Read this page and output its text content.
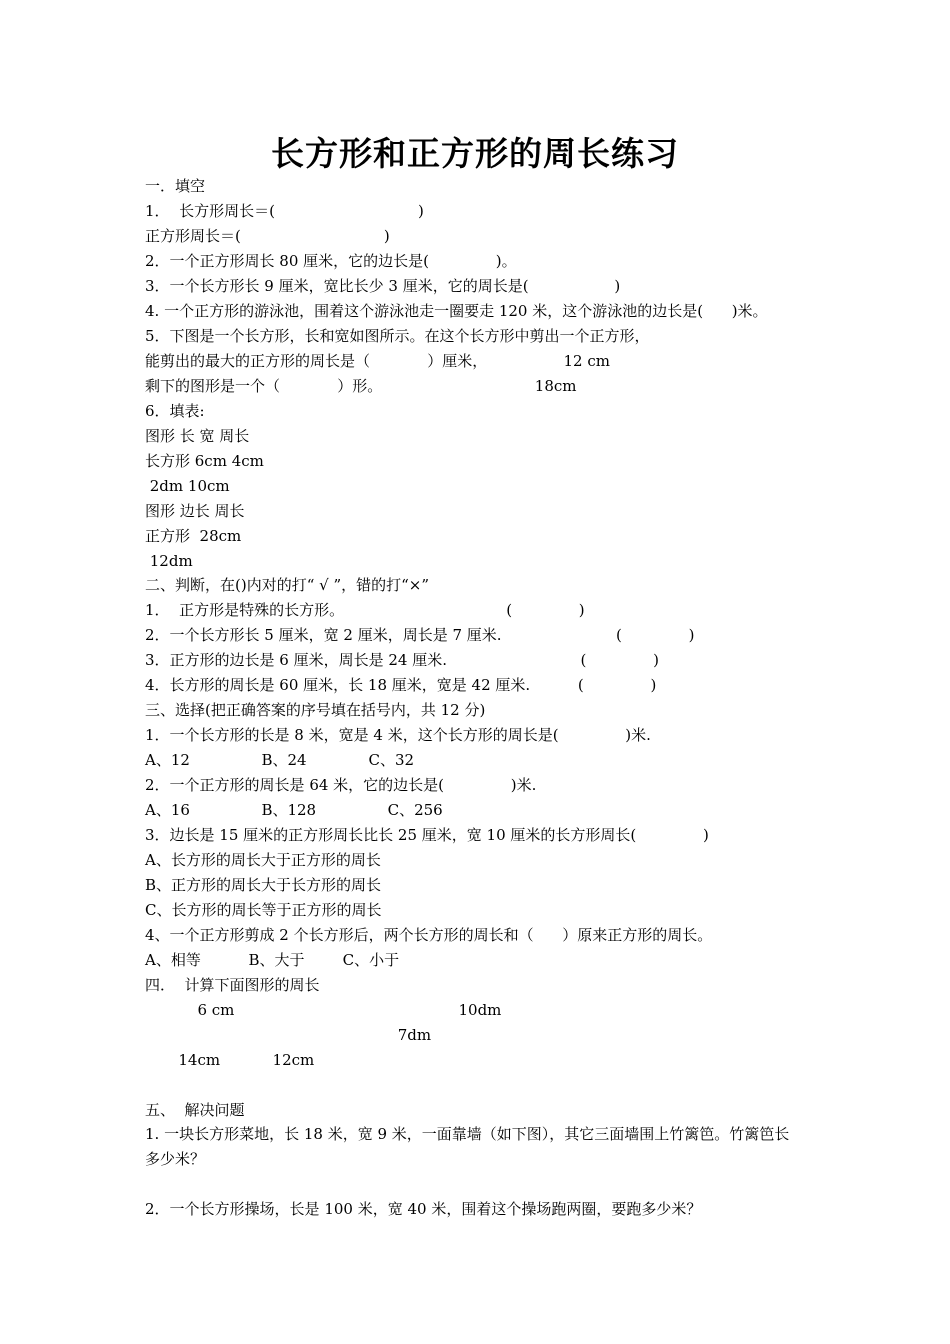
长方形和正方形的周长练习
一．填空
1．  长方形周长＝(                              )
正方形周长＝(                              )
2．一个正方形周长 80 厘米，它的边长是(              )。
3．一个长方形长 9 厘米，宽比长少 3 厘米，它的周长是(                  )
4. 一个正方形的游泳池，围着这个游泳池走一圈要走 120 米，这个游泳池的边长是(      )米。
5．下图是一个长方形，长和宽如图所示。在这个长方形中剪出一个正方形，
能剪出的最大的正方形的周长是（            ）厘米，                12 cm
剩下的图形是一个（            ）形。                                18cm
6．填表:
图形 长 宽 周长
长方形 6cm 4cm
2dm 10cm
图形 边长 周长
正方形  28cm
12dm
二、判断，在()内对的打“ √ ”，错的打“×”
1．  正方形是特殊的长方形。                                  (              )
2．一个长方形长 5 厘米，宽 2 厘米，周长是 7 厘米.                        (              )
3．正方形的边长是 6 厘米，周长是 24 厘米.                            (              )
4．长方形的周长是 60 厘米，长 18 厘米，宽是 42 厘米.          (              )
三、选择(把正确答案的序号填在括号内，共 12 分)
1．一个长方形的长是 8 米，宽是 4 米，这个长方形的周长是(              )米.
A、12               B、24             C、32
2．一个正方形的周长是 64 米，它的边长是(              )米.
A、16               B、128               C、256
3．边长是 15 厘米的正方形周长比长 25 厘米，宽 10 厘米的长方形周长(              )
A、长方形的周长大于正方形的周长
B、正方形的周长大于长方形的周长
C、长方形的周长等于正方形的周长
4、一个正方形剪成 2 个长方形后，两个长方形的周长和（      ）原来正方形的周长。
A、相等          B、大于        C、小于
四．  计算下面图形的周长
6 cm                                               10dm
7dm
14cm           12cm
五、  解决问题
1. 一块长方形菜地，长 18 米，宽 9 米，一面靠墙（如下图），其它三面墙围上竹篱笆。竹篱笆长
多少米？
2．一个长方形操场，长是 100 米，宽 40 米，围着这个操场跑两圈，要跑多少米？
